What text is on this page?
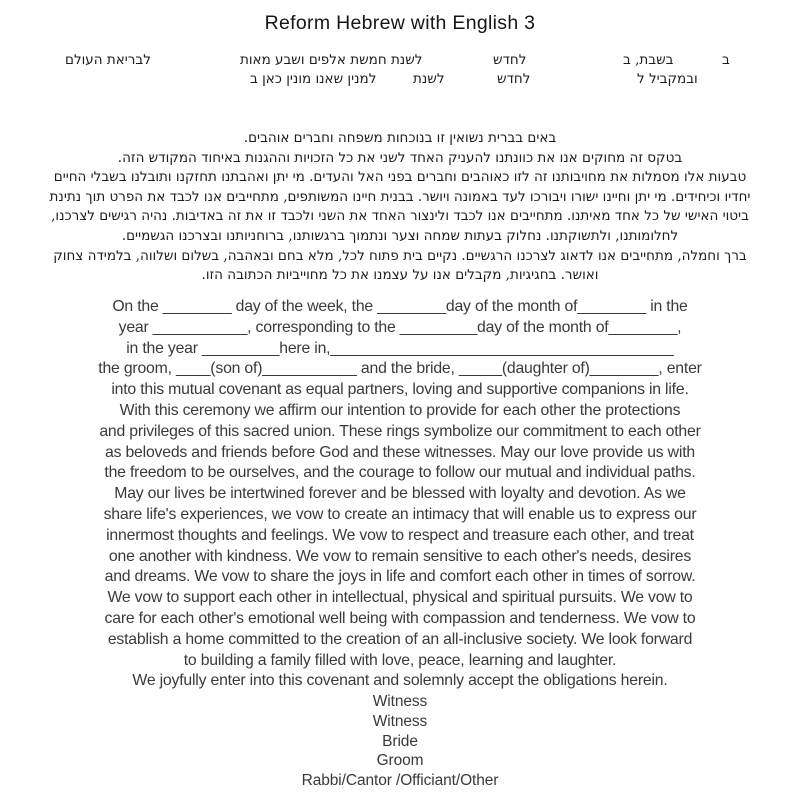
Reform Hebrew with English 3
ב
בשבת, ב
לחדש
לשנת חמשת אלפים ושבע מאות
לבריאת העולם
ובמקביל ל
לחדש
לשנת
למנין שאנו מונין כאן ב
באים בברית נשואין זו בנוכחות משפחה וחברים אוהבים.
בטקס זה מחוקים אנו את כוונתנו להעניק האחד לשני את כל הזכויות וההגנות באיחוד המקודש הזה.
טבעות אלו מסמלות את מחויבותנו זה לזו כאוהבים וחברים בפני האל והעדים. מי יתן ואהבתנו תחזקנו ותובלנו בשבלי החיים
יחדיו וכיחידים. מי יתן וחיינו ישורו ויבורכו לעד באמונה ויושר. בבנית חיינו המשותפים, מתחייבים אנו לכבד את הפרט תוך נתינת
ביטוי האישי של כל אחד מאיתנו. מתחייבים אנו לכבד ולינצור האחד את השני ולכבד זו את זה באדיבות. נהיה רגישים לצרכנו,
לחלומותנו, ולתשוקתנו. נחלוק בעתות שמחה וצער ונתמוך ברגשותנו, ברוחניותנו ובצרכנו הגשמיים.
ברך וחמלה, מתחייבים אנו לדאוג לצרכנו הרגשיים. נקיים בית פתוח לכל, מלא בחם ובאהבה, בשלום ושלווה, בלמידה צחוק
ואושר. בחגיגיות, מקבלים אנו על עצמנו את כל מחוייביות הכתובה הזו.
On the ________ day of the week, the ________day of the month of________ in the
year ___________, corresponding to the _________day of the month of________,
in the year _________here in,________________________________________
the groom, ____(son of)___________ and the bride, _____(daughter of)________, enter
into this mutual covenant as equal partners, loving and supportive companions in life.
With this ceremony we affirm our intention to provide for each other the protections
and privileges of this sacred union. These rings symbolize our commitment to each other
as beloveds and friends before God and these witnesses. May our love provide us with
the freedom to be ourselves, and the courage to follow our mutual and individual paths.
May our lives be intertwined forever and be blessed with loyalty and devotion. As we
share life's experiences, we vow to create an intimacy that will enable us to express our
innermost thoughts and feelings. We vow to respect and treasure each other, and treat
one another with kindness. We vow to remain sensitive to each other's needs, desires
and dreams. We vow to share the joys in life and comfort each other in times of sorrow.
We vow to support each other in intellectual, physical and spiritual pursuits. We vow to
care for each other's emotional well being with compassion and tenderness. We vow to
establish a home committed to the creation of an all-inclusive society. We look forward
to building a family filled with love, peace, learning and laughter.
We joyfully enter into this covenant and solemnly accept the obligations herein.
Witness
Witness
Bride
Groom
Rabbi/Cantor /Officiant/Other
